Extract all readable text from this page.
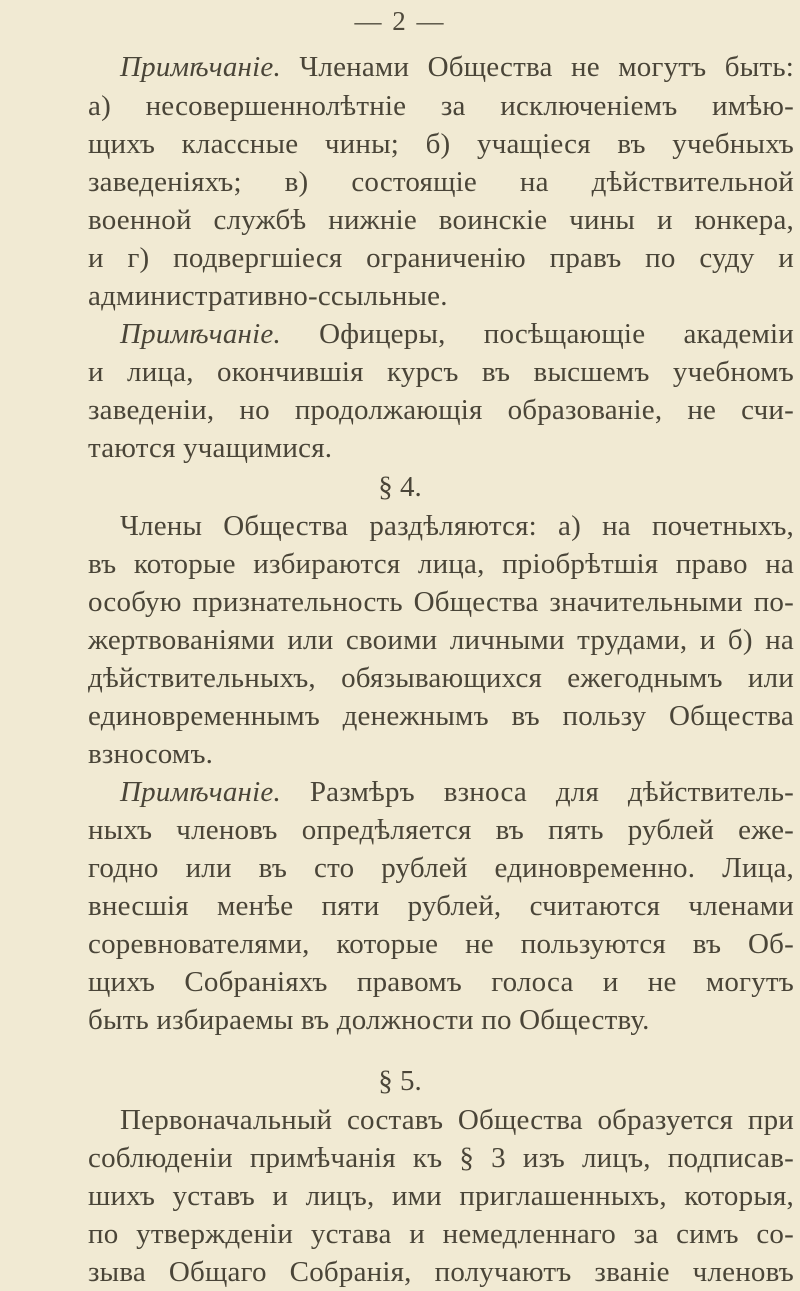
— 2 —
Примѣчаніе. Членами Общества не могутъ быть:
а) несовершеннолѣтніе за исключеніемъ имѣю-
щихъ классные чины; б) учащіеся въ учебныхъ
заведеніяхъ; в) состоящіе на дѣйствительной
военной службѣ нижніе воинскіе чины и юнкера,
и г) подвергшіеся ограниченію правъ по суду и
административно-ссыльные.
Примѣчаніе. Офицеры, посѣщающіе академіи
и лица, окончившія курсъ въ высшемъ учебномъ
заведеніи, но продолжающія образованіе, не счи-
таются учащимися.
§ 4.
Члены Общества раздѣляются: а) на почетныхъ,
въ которые избираются лица, пріобрѣтшія право на
особую признательность Общества значительными по-
жертвованіями или своими личными трудами, и б) на
дѣйствительныхъ, обязывающихся ежегоднымъ или
единовременнымъ денежнымъ въ пользу Общества
взносомъ.
Примѣчаніе. Размѣръ взноса для дѣйствитель-
ныхъ членовъ опредѣляется въ пять рублей еже-
годно или въ сто рублей единовременно. Лица,
внесшія менѣе пяти рублей, считаются членами
соревнователями, которые не пользуются въ Об-
щихъ Собраніяхъ правомъ голоса и не могутъ
быть избираемы въ должности по Обществу.
§ 5.
Первоначальный составъ Общества образуется при
соблюденіи примѣчанія къ § 3 изъ лицъ, подписав-
шихъ уставъ и лицъ, ими приглашенныхъ, которыя,
по утвержденіи устава и немедленнаго за симъ со-
зыва Общаго Собранія, получаютъ званіе членовъ
